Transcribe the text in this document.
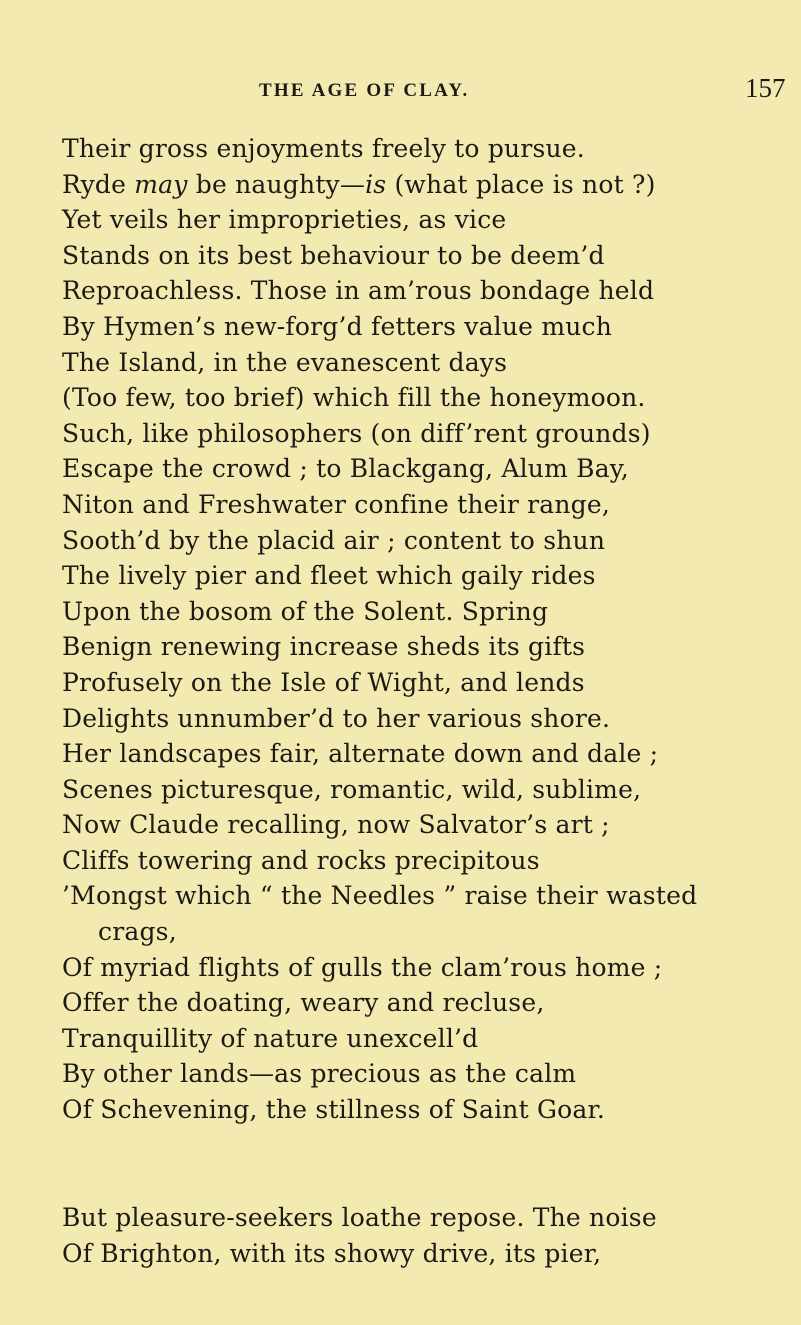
THE AGE OF CLAY.	157
Their gross enjoyments freely to pursue.
Ryde may be naughty—is (what place is not ?)
Yet veils her improprieties, as vice
Stands on its best behaviour to be deem’d
Reproachless. Those in am’rous bondage held
By Hymen’s new-forg’d fetters value much
The Island, in the evanescent days
(Too few, too brief) which fill the honeymoon.
Such, like philosophers (on diff’rent grounds)
Escape the crowd ; to Blackgang, Alum Bay,
Niton and Freshwater confine their range,
Sooth’d by the placid air ; content to shun
The lively pier and fleet which gaily rides
Upon the bosom of the Solent. Spring
Benign renewing increase sheds its gifts
Profusely on the Isle of Wight, and lends
Delights unnumber’d to her various shore.
Her landscapes fair, alternate down and dale ;
Scenes picturesque, romantic, wild, sublime,
Now Claude recalling, now Salvator’s art ;
Cliffs towering and rocks precipitous
’Mongst which “ the Needles ” raise their wasted
crags,
Of myriad flights of gulls the clam’rous home ;
Offer the doating, weary and recluse,
Tranquillity of nature unexcell’d
By other lands—as precious as the calm
Of Schevening, the stillness of Saint Goar.
But pleasure-seekers loathe repose. The noise
Of Brighton, with its showy drive, its pier,
